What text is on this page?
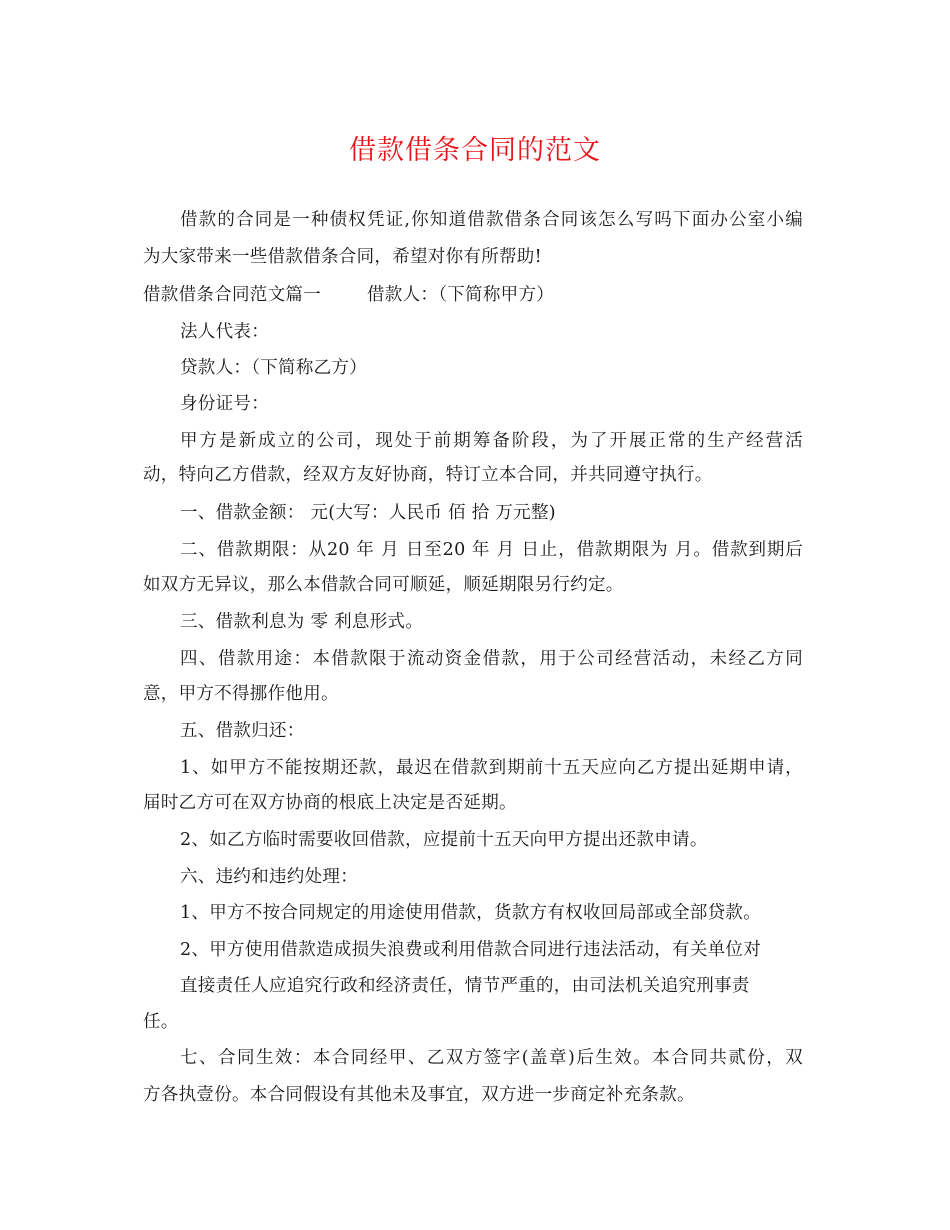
借款借条合同的范文
借款的合同是一种债权凭证,你知道借款借条合同该怎么写吗下面办公室小编
为大家带来一些借款借条合同，希望对你有所帮助!
借款借条合同范文篇一	借款人：（下简称甲方）
法人代表：
贷款人：（下简称乙方）
身份证号：
甲方是新成立的公司，现处于前期筹备阶段，为了开展正常的生产经营活
动，特向乙方借款，经双方友好协商，特订立本合同，并共同遵守执行。
一、借款金额： 元(大写：人民币 佰 拾 万元整)
二、借款期限：从20 年 月 日至20 年 月 日止，借款期限为 月。借款到期后
如双方无异议，那么本借款合同可顺延，顺延期限另行约定。
三、借款利息为 零 利息形式。
四、借款用途：本借款限于流动资金借款，用于公司经营活动，未经乙方同
意，甲方不得挪作他用。
五、借款归还：
1、如甲方不能按期还款，最迟在借款到期前十五天应向乙方提出延期申请，
届时乙方可在双方协商的根底上决定是否延期。
2、如乙方临时需要收回借款，应提前十五天向甲方提出还款申请。
六、违约和违约处理：
1、甲方不按合同规定的用途使用借款，货款方有权收回局部或全部贷款。
2、甲方使用借款造成损失浪费或利用借款合同进行违法活动，有关单位对
直接责任人应追究行政和经济责任，情节严重的，由司法机关追究刑事责
任。
七、合同生效：本合同经甲、乙双方签字(盖章)后生效。本合同共贰份，双
方各执壹份。本合同假设有其他未及事宜，双方进一步商定补充条款。
